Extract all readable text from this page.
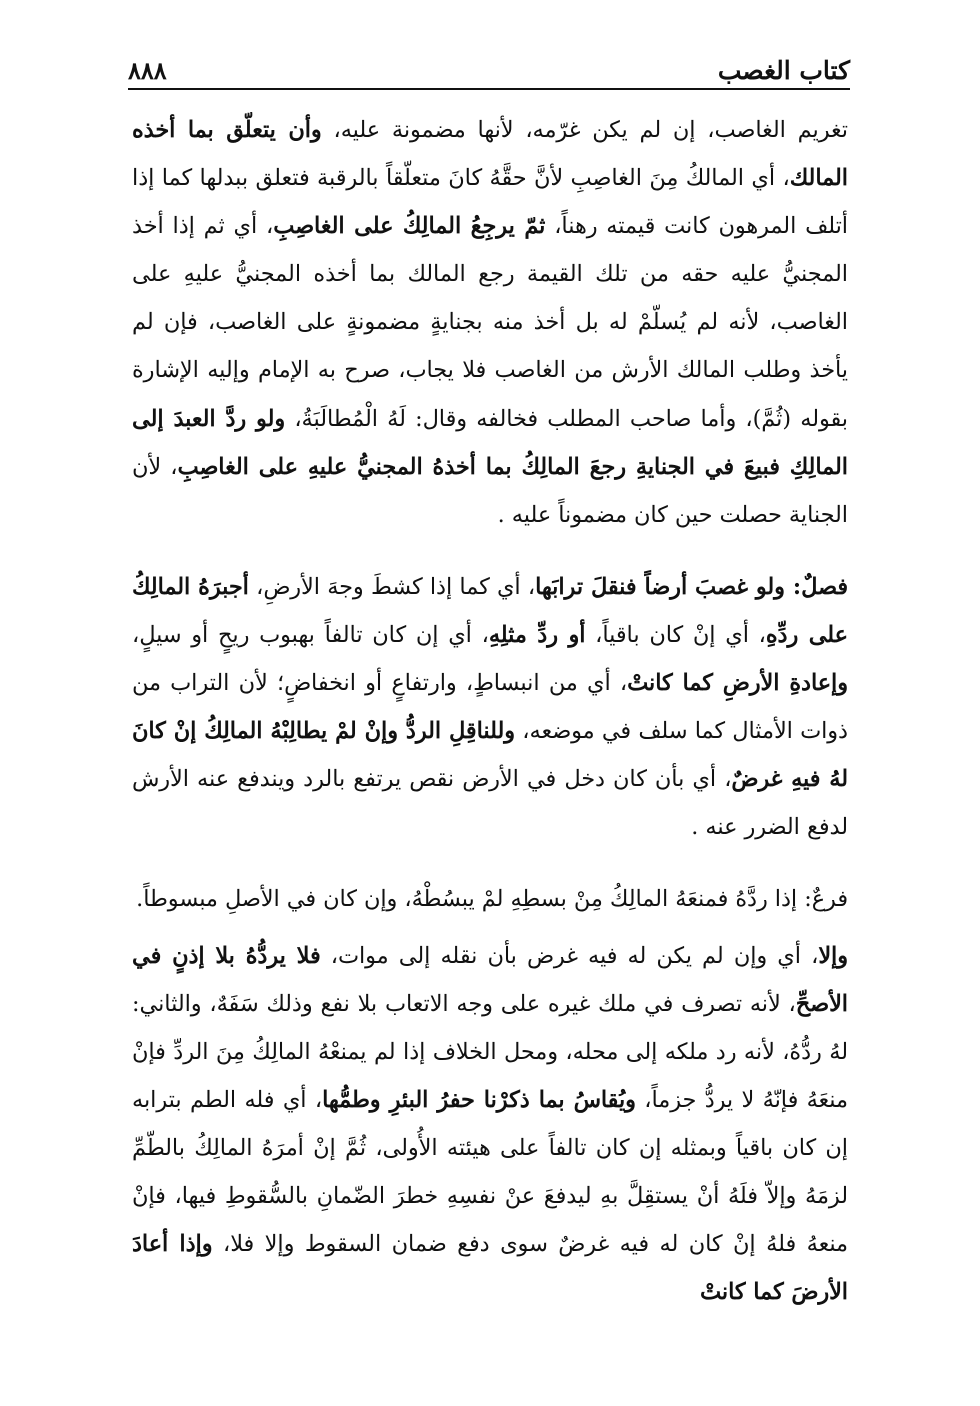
كتاب الغصب
٨٨٨

تغريم الغاصب، إن لم يكن غرّمه، لأنها مضمونة عليه، وأن يتعلّق بما أخذه المالك، أي المالكُ مِنَ الغاصِبِ لأنَّ حقَّهُ كانَ متعلّقاً بالرقبة فتعلق ببدلها كما إذا أتلف المرهون كانت قيمته رهناً، ثمّ يرجِعُ المالِكُ على الغاصِبِ، أي ثم إذا أخذ المجنيُّ عليه حقه من تلك القيمة رجع المالك بما أخذه المجنيُّ عليهِ على الغاصب، لأنه لم يُسلّمْ له بل أخذ منه بجنايةٍ مضمونةٍ على الغاصب، فإن لم يأخذ وطلب المالك الأرش من الغاصب فلا يجاب، صرح به الإمام وإليه الإشارة بقوله (ثُمَّ)، وأما صاحب المطلب فخالفه وقال: لَهُ الْمُطالَبَةُ، ولو ردَّ العبدَ إلى المالِكِ فبيعَ في الجنايةِ رجعَ المالِكُ بما أخذهُ المجنيُّ عليهِ على الغاصِبِ، لأن الجناية حصلت حين كان مضموناً عليه .

فصلٌ: ولو غصبَ أرضاً فنقلَ ترابَها، أي كما إذا كشطَ وجهَ الأرضِ، أجبرَهُ المالِكُ على ردِّهِ، أي إنْ كان باقياً، أو ردِّ مثلِهِ، أي إن كان تالفاً بهبوب ريحٍ أو سيلٍ، وإعادةِ الأرضِ كما كانتْ، أي من انبساطٍ، وارتفاعٍ أو انخفاضٍ؛ لأن التراب من ذوات الأمثال كما سلف في موضعه، وللناقِلِ الردُّ وإنْ لمْ يطالِبْهُ المالِكُ إنْ كانَ لهُ فيهِ غرضٌ، أي بأن كان دخل في الأرض نقص يرتفع بالرد ويندفع عنه الأرش لدفع الضرر عنه .

فرعٌ: إذا ردَّهُ فمنعَهُ المالِكُ مِنْ بسطِهِ لمْ يبسُطْهُ، وإن كان في الأصلِ مبسوطاً.

وإلا، أي وإن لم يكن له فيه غرض بأن نقله إلى موات، فلا يردُّهُ بلا إذنٍ في الأصحِّ، لأنه تصرف في ملك غيره على وجه الاتعاب بلا نفع وذلك سَفَهٌ، والثاني: لهُ ردُّهُ، لأنه رد ملكه إلى محله، ومحل الخلاف إذا لم يمنعْهُ المالِكُ مِنَ الردِّ فإنْ منعَهُ فإنّهُ لا يردُّ جزماً، ويُقاسُ بما ذكرْنا حفرُ البئرِ وطمُّها، أي فله الطم بترابه إن كان باقياً وبمثله إن كان تالفاً على هيئته الأُولى، ثُمَّ إنْ أمرَهُ المالِكُ بالطّمِّ لزمَهُ وإلاّ فلَهُ أنْ يستقِلَّ بهِ ليدفعَ عنْ نفسِهِ خطرَ الضّمانِ بالسُّقوطِ فيها، فإنْ منعهُ فلهُ إنْ كان له فيه غرضٌ سوى دفع ضمان السقوط وإلا فلا، وإذا أعادَ الأرضَ كما كانتْ
